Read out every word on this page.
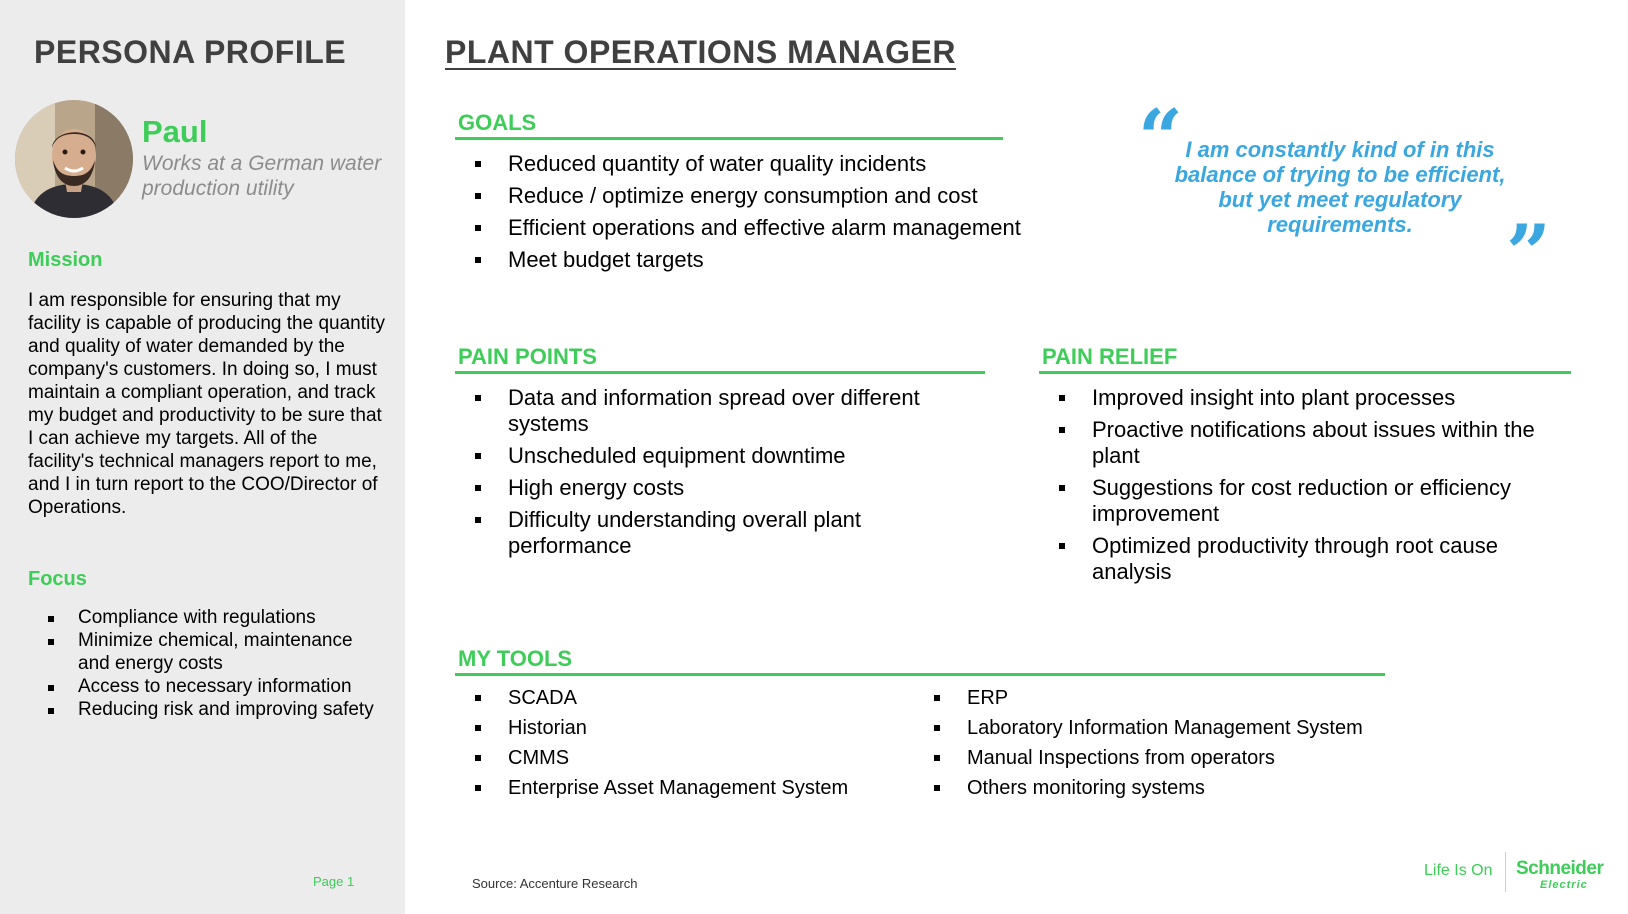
PERSONA PROFILE
Paul
Works at a German water production utility
Mission
I am responsible for ensuring that my facility is capable of producing the quantity and quality of water demanded by the company's customers. In doing so, I must maintain a compliant operation, and track my budget and productivity to be sure that I can achieve my targets. All of the facility's technical managers report to me, and I in turn report to the COO/Director of Operations.
Focus
Compliance with regulations
Minimize chemical, maintenance and energy costs
Access to necessary information
Reducing risk and improving safety
Page 1
PLANT OPERATIONS MANAGER
GOALS
Reduced quantity of water quality incidents
Reduce / optimize energy consumption and cost
Efficient operations and effective alarm management
Meet budget targets
“ I am constantly kind of in this balance of trying to be efficient, but yet meet regulatory requirements.	”
PAIN POINTS
Data and information spread over different systems
Unscheduled equipment downtime
High energy costs
Difficulty understanding overall plant performance
PAIN RELIEF
Improved insight into plant processes
Proactive notifications about issues within the plant
Suggestions for cost reduction or efficiency improvement
Optimized productivity through root cause analysis
MY TOOLS
SCADA
Historian
CMMS
Enterprise Asset Management System
ERP
Laboratory Information Management System
Manual Inspections from operators
Others monitoring systems
Source: Accenture Research
Life Is On Schneider
Electric
